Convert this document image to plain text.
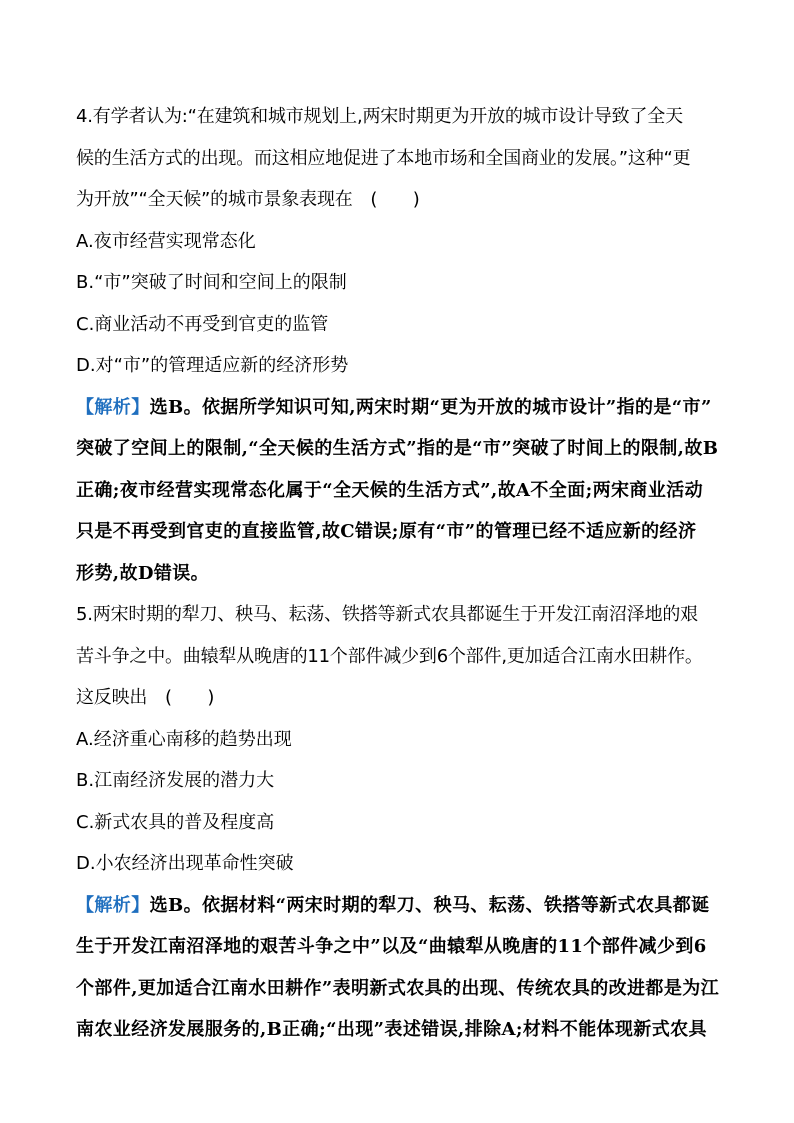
4.有学者认为:“在建筑和城市规划上,两宋时期更为开放的城市设计导致了全天

候的生活方式的出现。而这相应地促进了本地市场和全国商业的发展。”这种“更

为开放”“全天候”的城市景象表现在　(　　)

A.夜市经营实现常态化

B.“市”突破了时间和空间上的限制

C.商业活动不再受到官吏的监管

D.对“市”的管理适应新的经济形势

【解析】选B。依据所学知识可知,两宋时期“更为开放的城市设计”指的是“市”

突破了空间上的限制,“全天候的生活方式”指的是“市”突破了时间上的限制,故B

正确;夜市经营实现常态化属于“全天候的生活方式”,故A不全面;两宋商业活动

只是不再受到官吏的直接监管,故C错误;原有“市”的管理已经不适应新的经济

形势,故D错误。

5.两宋时期的犁刀、秧马、耘荡、铁搭等新式农具都诞生于开发江南沼泽地的艰

苦斗争之中。曲辕犁从晚唐的11个部件减少到6个部件,更加适合江南水田耕作。

这反映出　(　　)

A.经济重心南移的趋势出现

B.江南经济发展的潜力大

C.新式农具的普及程度高

D.小农经济出现革命性突破

【解析】选B。依据材料“两宋时期的犁刀、秧马、耘荡、铁搭等新式农具都诞

生于开发江南沼泽地的艰苦斗争之中”以及“曲辕犁从晚唐的11个部件减少到6

个部件,更加适合江南水田耕作”表明新式农具的出现、传统农具的改进都是为江

南农业经济发展服务的,B正确;“出现”表述错误,排除A;材料不能体现新式农具
